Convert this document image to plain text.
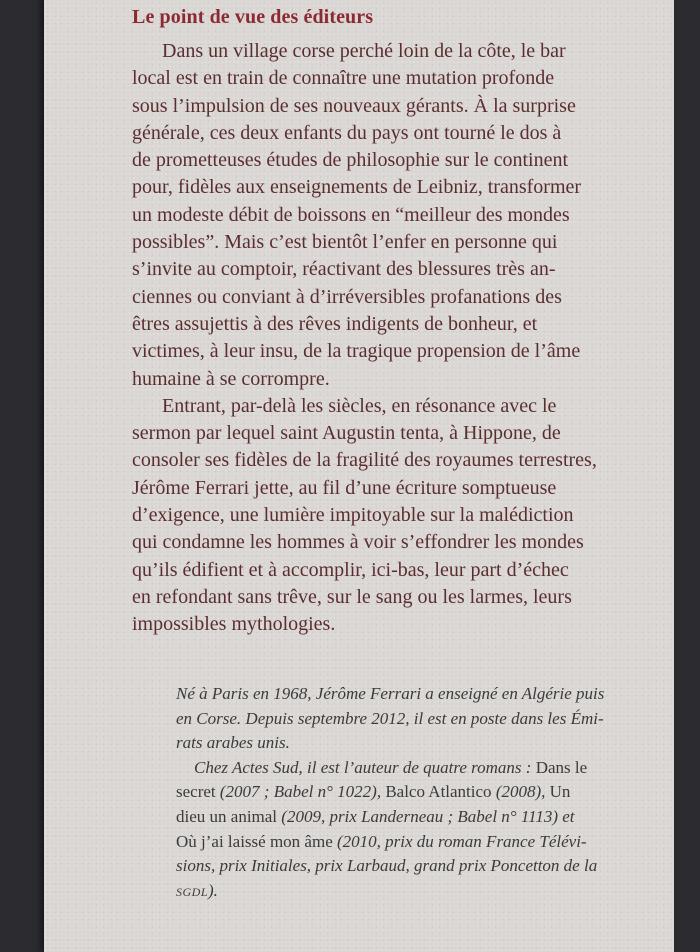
Le point de vue des éditeurs
Dans un village corse perché loin de la côte, le bar
local est en train de connaître une mutation profonde
sous l’impulsion de ses nouveaux gérants. À la surprise
générale, ces deux enfants du pays ont tourné le dos à
de prometteuses études de philosophie sur le continent
pour, fidèles aux enseignements de Leibniz, transformer
un modeste débit de boissons en “meilleur des mondes
possibles”. Mais c’est bientôt l’enfer en personne qui
s’invite au comptoir, réactivant des blessures très an-
ciennes ou conviant à d’irréversibles profanations des
êtres assujettis à des rêves indigents de bonheur, et
victimes, à leur insu, de la tragique propension de l’âme
humaine à se corrompre.
Entrant, par-delà les siècles, en résonance avec le
sermon par lequel saint Augustin tenta, à Hippone, de
consoler ses fidèles de la fragilité des royaumes terrestres,
Jérôme Ferrari jette, au fil d’une écriture somptueuse
d’exigence, une lumière impitoyable sur la malédiction
qui condamne les hommes à voir s’effondrer les mondes
qu’ils édifient et à accomplir, ici-bas, leur part d’échec
en refondant sans trêve, sur le sang ou les larmes, leurs
impossibles mythologies.
Né à Paris en 1968, Jérôme Ferrari a enseigné en Algérie puis
en Corse. Depuis septembre 2012, il est en poste dans les Émi-
rats arabes unis.
Chez Actes Sud, il est l’auteur de quatre romans : Dans le
secret (2007 ; Babel n° 1022), Balco Atlantico (2008), Un
dieu un animal (2009, prix Landerneau ; Babel n° 1113) et
Où j’ai laissé mon âme (2010, prix du roman France Télévi-
sions, prix Initiales, prix Larbaud, grand prix Poncetton de la
SGDL).
